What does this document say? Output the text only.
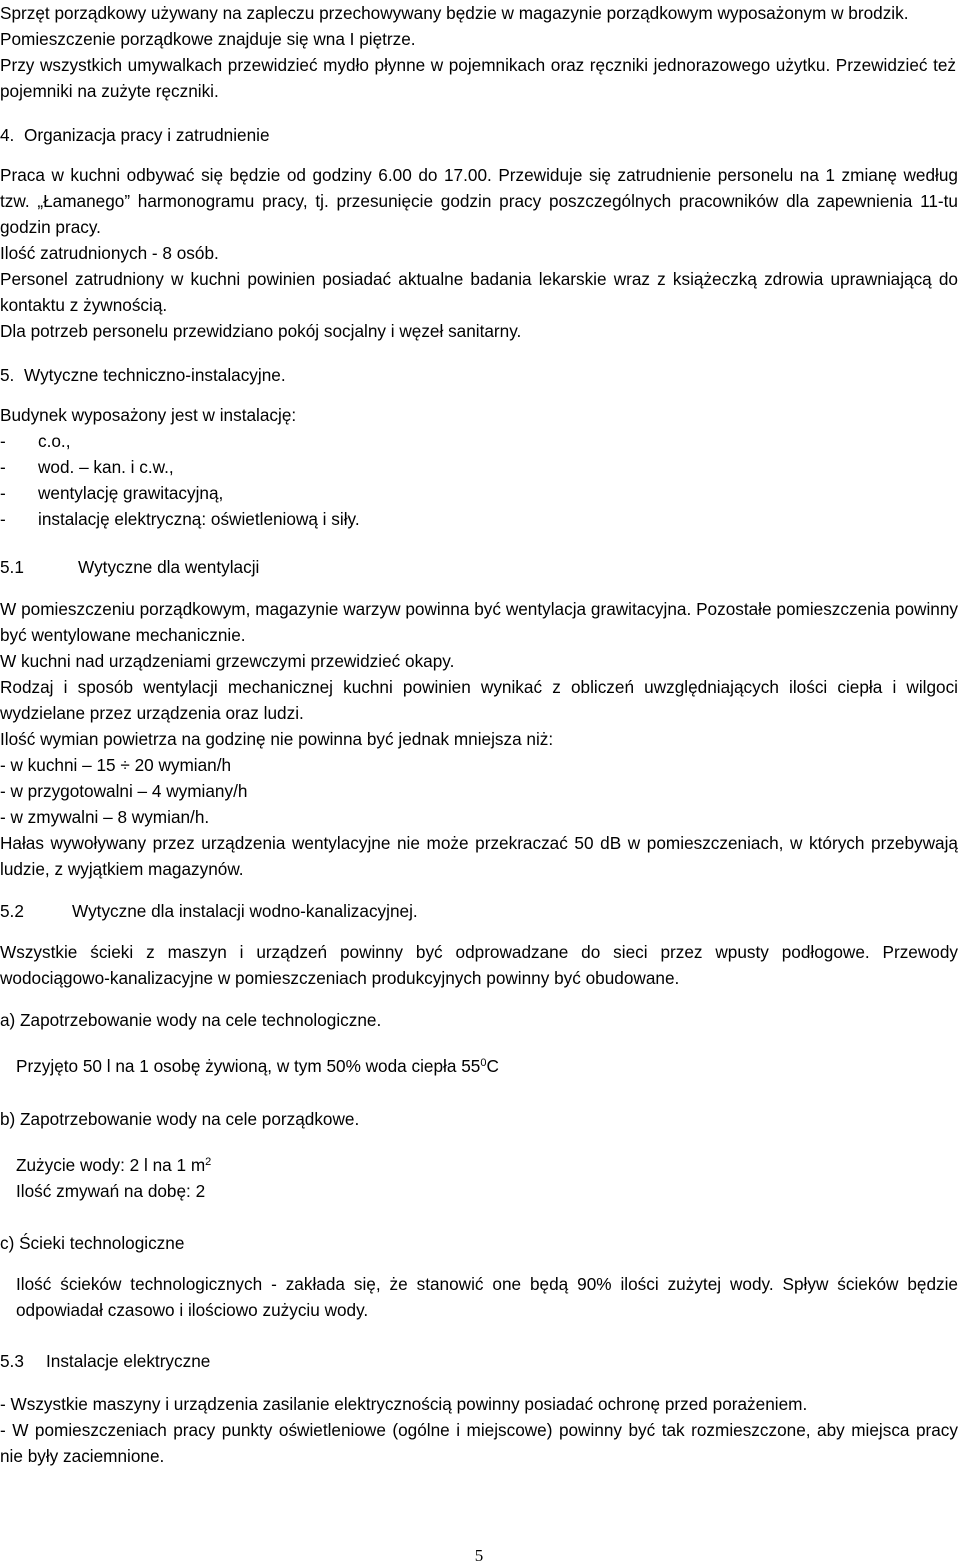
Sprzęt porządkowy używany na zapleczu przechowywany będzie w magazynie porządkowym wyposażonym w brodzik.

Pomieszczenie porządkowe znajduje się wna I piętrze.

Przy wszystkich umywalkach przewidzieć mydło płynne w pojemnikach oraz ręczniki jednorazowego użytku. Przewidzieć też pojemniki na zużyte ręczniki.

4. Organizacja pracy i zatrudnienie

Praca w kuchni odbywać się będzie od godziny 6.00 do 17.00. Przewiduje się zatrudnienie personelu na 1 zmianę według tzw. „Łamanego” harmonogramu pracy, tj. przesunięcie godzin pracy poszczególnych pracowników dla zapewnienia 11-tu godzin pracy.

Ilość zatrudnionych - 8 osób.

Personel zatrudniony w kuchni powinien posiadać aktualne badania lekarskie wraz z książeczką zdrowia uprawniającą do kontaktu z żywnością.

Dla potrzeb personelu przewidziano pokój socjalny i węzeł sanitarny.

5. Wytyczne techniczno-instalacyjne.

Budynek wyposażony jest w instalację:

-	c.o.,
-	wod. – kan. i c.w.,
-	wentylację grawitacyjną,
-	instalację elektryczną: oświetleniową i siły.
5.1	Wytyczne dla wentylacji

W pomieszczeniu porządkowym, magazynie warzyw powinna być wentylacja grawitacyjna. Pozostałe pomieszczenia powinny być wentylowane mechanicznie.

W kuchni nad urządzeniami grzewczymi przewidzieć okapy.

Rodzaj i sposób wentylacji mechanicznej kuchni powinien wynikać z obliczeń uwzględniających ilości ciepła i wilgoci wydzielane przez urządzenia oraz ludzi.

Ilość wymian powietrza na godzinę nie powinna być jednak mniejsza niż:

- w kuchni – 15 ÷ 20 wymian/h

- w przygotowalni – 4 wymiany/h

- w zmywalni – 8 wymian/h.

Hałas wywoływany przez urządzenia wentylacyjne nie może przekraczać 50 dB w pomieszczeniach, w których przebywają ludzie, z wyjątkiem magazynów.

5.2	Wytyczne dla instalacji wodno-kanalizacyjnej.

Wszystkie ścieki z maszyn i urządzeń powinny być odprowadzane do sieci przez wpusty podłogowe. Przewody wodociągowo-kanalizacyjne w pomieszczeniach produkcyjnych powinny być obudowane.

a) Zapotrzebowanie wody na cele technologiczne.

Przyjęto 50 l na 1 osobę żywioną, w tym 50% woda ciepła $55^0C$

b) Zapotrzebowanie wody na cele porządkowe.

Zużycie wody: 2 l na 1 $m^2$

Ilość zmywań na dobę: 2

c) Ścieki technologiczne

Ilość ścieków technologicznych - zakłada się, że stanowić one będą 90% ilości zużytej wody. Spływ ścieków będzie odpowiadał czasowo i ilościowo zużyciu wody.

5.3 Instalacje elektryczne

- Wszystkie maszyny i urządzenia zasilanie elektrycznością powinny posiadać ochronę przed porażeniem.

- W pomieszczeniach pracy punkty oświetleniowe (ogólne i miejscowe) powinny być tak rozmieszczone, aby miejsca pracy nie były zaciemnione.

5
